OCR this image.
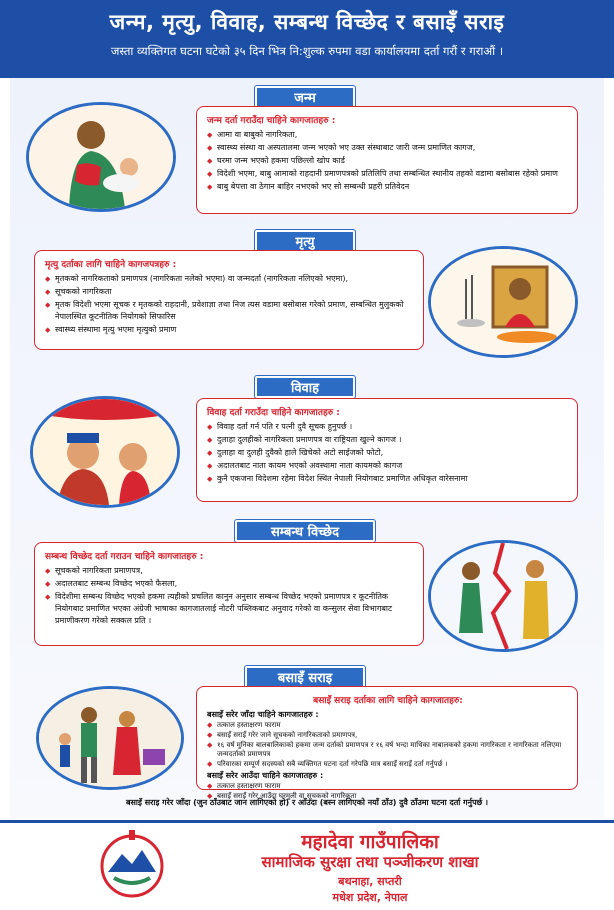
जन्म, मृत्यु, विवाह, सम्बन्ध विच्छेद र बसाइँ सराइ
जस्ता व्यक्तिगत घटना घटेको ३५ दिन भित्र नि:शुल्क रुपमा वडा कार्यालयमा दर्ता गरौं र गराऔं ।
जन्म
जन्म दर्ता गराउँदा चाहिने कागजातहरु :
◆ आमा वा बाबुको नागरिकता,
◆ स्वास्थ्य संस्था वा अस्पतालमा जन्म भएको भए उक्त संस्थाबाट जारी जन्म प्रमाणित कागज,
◆ घरमा जन्म भएको हकमा पछिल्लो खोप कार्ड
◆ विदेशी भएमा, बाबु आमाको राहदानी प्रमाणपत्रको प्रतिलिपि तथा सम्बन्धित स्थानीय तहको वडामा बसोबास रहेको प्रमाण
◆ बाबु बेपत्ता वा ठेगान बाहिर नभएको भए सो सम्बन्धी प्रहरी प्रतिवेदन
मृत्यु
मृत्यु दर्ताका लागि चाहिने कागजपत्रहरु :
◆ मृतकको नागरिकताको प्रमाणपत्र (नागरिकता नलेको भएमा) वा जन्मदर्ता (नागरिकता नलिएको भएमा),
◆ सूचकको नागरिकता
◆ मृतक विदेशी भएमा सूचक र मृतकको राहदानी, प्रवेशाज्ञा तथा निज त्यस वडामा बसोबास गरेको प्रमाण, सम्बन्धित मुलुकको नेपालस्थित कूटनीतिक नियोगको सिफारिस
◆ स्वास्थ्य संस्थामा मृत्यु भएमा मृत्युको प्रमाण
विवाह
विवाह दर्ता गराउँदा चाहिने कागजातहरु :
◆ विवाह दर्ता गर्न पति र पत्नी दुवै सूचक हुनुपर्छ ।
◆ दुलाहा दुलहीको नागरिकता प्रमाणपत्र वा राष्ट्रियता खुल्ने कागज ।
◆ दुलाहा वा दुलही दुवैको हाले खिचेको अटो साईजको फोटो,
◆ अदालतबाट नाता कायम भएको अवस्थामा नाता कायमको कागज
◆ कुनै एकजना विदेशमा रहेमा विदेश स्थित नेपाली नियोगबाट प्रमाणित अधिकृत वारेसनामा
सम्बन्ध विच्छेद
सम्बन्ध विच्छेद दर्ता गराउन चाहिने कागजातहरु :
◆ सूचकको नागरिकता प्रमाणपत्र,
◆ अदालतबाट सम्बन्ध विच्छेद भएको फैसला,
◆ विदेशीमा सम्बन्ध विच्छेद भएको हकमा त्यहीको प्रचलित कानुन अनुसार सम्बन्ध विच्छेद भएको प्रमाणपत्र र कूटनीतिक नियोगबाट प्रमाणित भएका अंग्रेजी भाषाका कागजातलाई नोटरी पब्लिकबाट अनुवाद गरेको वा कन्सुलर सेवा विभागबाट प्रमाणीकरण गरेको सक्कल प्रति ।
बसाइँ सराइ
बसाइँ सराइ दर्ताका लागि चाहिने कागजातहरु:
बसाइँ सरेर जाँदा चाहिने कागजातहरु :
◆ तत्काल हस्ताक्षरण फाराम
◆ बसाइँ सराइँ गरेर जाने सूचकको नागरिकताको प्रमाणपत्र,
◆ १६ वर्ष मुनिका बालबालिकाको हकमा जन्म दर्ताको प्रमाणपत्र र १६ वर्ष भन्दा माथिका नाबालकको हकमा नागरिकता र नागरिकता नलिएमा जन्मदर्ताको प्रमाणपत्र
◆ परिवारका सम्पूर्ण सदस्यको सबै व्यक्तिगत घटना दर्ता गरेपछि मात्र बसाइँ सराइँ दर्ता गर्नुपर्छ ।
बसाइँ सरेर आउँदा चाहिने कागजातहरु :
◆ तत्काल हस्ताक्षरण फाराम
◆ बसाइँ सराइँ गरेर आउँदा घरमुली वा सूचकको नागरिकता
बसाइँ सराइ गरेर जाँदा (जुन ठाँउबाट जान लागिएको हो) र आँउदा (बस्न लागिएको नयाँ ठाँउ) दुवै ठाँउमा घटना दर्ता गर्नुपर्छ ।
महादेवा गाउँपालिका
सामाजिक सुरक्षा तथा पञ्जीकरण शाखा
बथनाहा, सप्तरी
मधेश प्रदेश, नेपाल
